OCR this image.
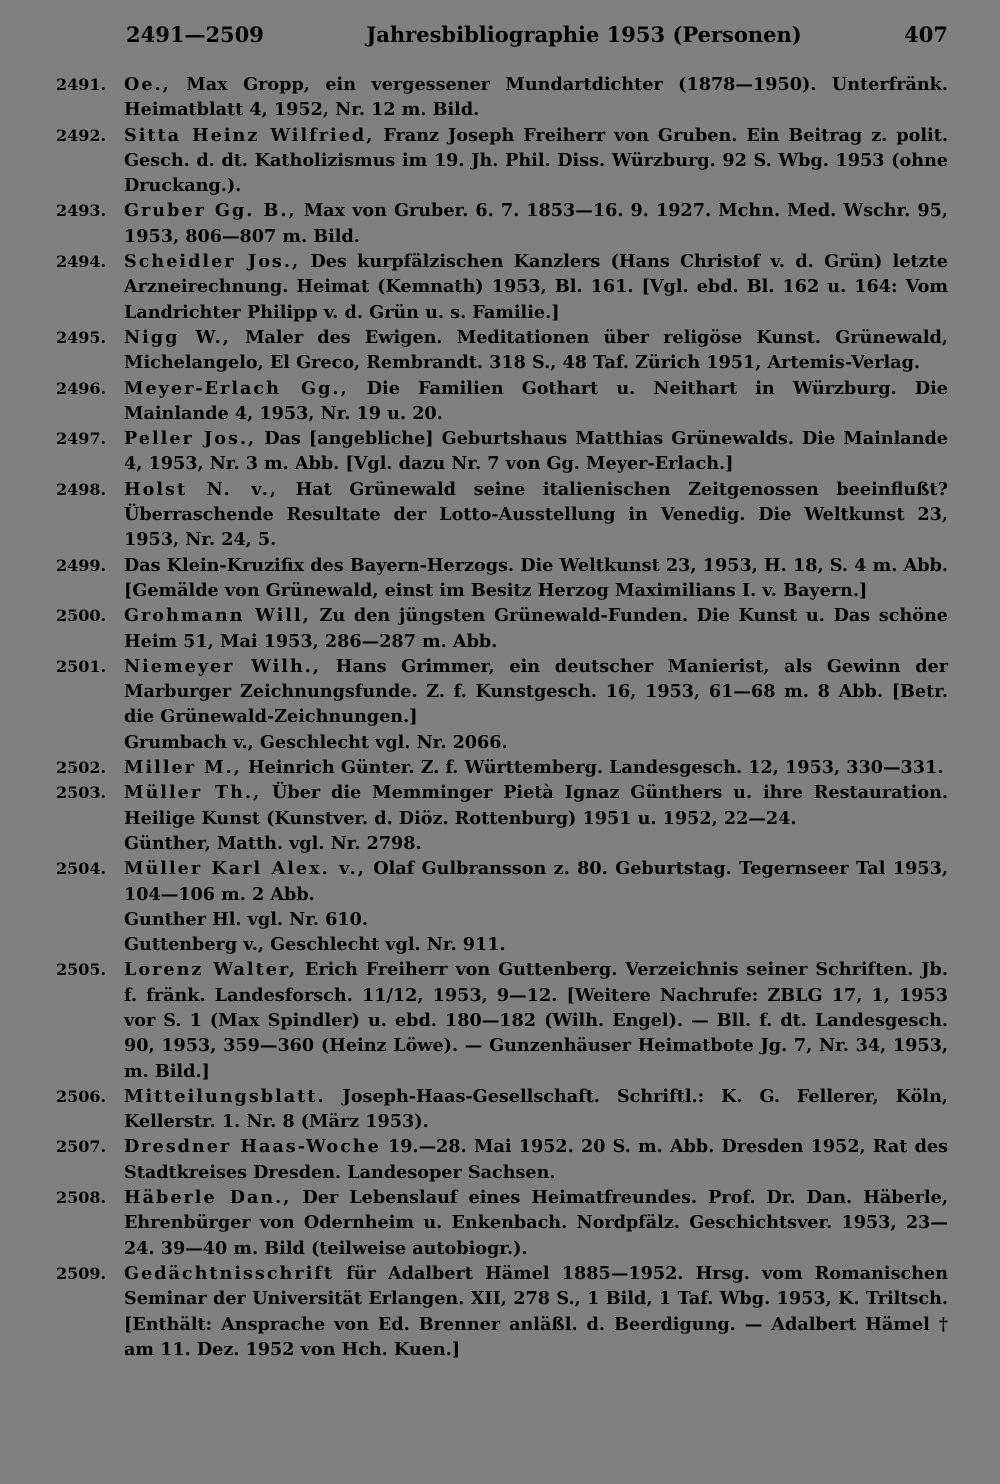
2491—2509	Jahresbibliographie 1953 (Personen)	407
2491.	Oe., Max Gropp, ein vergessener Mundartdichter (1878—1950). Unterfränk. Heimatblatt 4, 1952, Nr. 12 m. Bild.
2492.	Sitta Heinz Wilfried, Franz Joseph Freiherr von Gruben. Ein Beitrag z. polit. Gesch. d. dt. Katholizismus im 19. Jh. Phil. Diss. Würzburg. 92 S. Wbg. 1953 (ohne Druckang.).
2493.	Gruber Gg. B., Max von Gruber. 6. 7. 1853—16. 9. 1927. Mchn. Med. Wschr. 95, 1953, 806—807 m. Bild.
2494.	Scheidler Jos., Des kurpfälzischen Kanzlers (Hans Christof v. d. Grün) letzte Arzneirechnung. Heimat (Kemnath) 1953, Bl. 161. [Vgl. ebd. Bl. 162 u. 164: Vom Landrichter Philipp v. d. Grün u. s. Familie.]
2495.	Nigg W., Maler des Ewigen. Meditationen über religöse Kunst. Grünewald, Michelangelo, El Greco, Rembrandt. 318 S., 48 Taf. Zürich 1951, Artemis-Verlag.
2496.	Meyer-Erlach Gg., Die Familien Gothart u. Neithart in Würzburg. Die Mainlande 4, 1953, Nr. 19 u. 20.
2497.	Peller Jos., Das [angebliche] Geburtshaus Matthias Grünewalds. Die Mainlande 4, 1953, Nr. 3 m. Abb. [Vgl. dazu Nr. 7 von Gg. Meyer-Erlach.]
2498.	Holst N. v., Hat Grünewald seine italienischen Zeitgenossen beeinflußt? Überraschende Resultate der Lotto-Ausstellung in Venedig. Die Weltkunst 23, 1953, Nr. 24, 5.
2499.	Das Klein-Kruzifix des Bayern-Herzogs. Die Weltkunst 23, 1953, H. 18, S. 4 m. Abb. [Gemälde von Grünewald, einst im Besitz Herzog Maximilians I. v. Bayern.]
2500.	Grohmann Will, Zu den jüngsten Grünewald-Funden. Die Kunst u. Das schöne Heim 51, Mai 1953, 286—287 m. Abb.
2501.	Niemeyer Wilh., Hans Grimmer, ein deutscher Manierist, als Gewinn der Marburger Zeichnungsfunde. Z. f. Kunstgesch. 16, 1953, 61—68 m. 8 Abb. [Betr. die Grünewald-Zeichnungen.]
Grumbach v., Geschlecht vgl. Nr. 2066.
2502.	Miller M., Heinrich Günter. Z. f. Württemberg. Landesgesch. 12, 1953, 330—331.
2503.	Müller Th., Über die Memminger Pietà Ignaz Günthers u. ihre Restauration. Heilige Kunst (Kunstver. d. Diöz. Rottenburg) 1951 u. 1952, 22—24.
Günther, Matth. vgl. Nr. 2798.
2504.	Müller Karl Alex. v., Olaf Gulbransson z. 80. Geburtstag. Tegernseer Tal 1953, 104—106 m. 2 Abb.
Gunther Hl. vgl. Nr. 610.
Guttenberg v., Geschlecht vgl. Nr. 911.
2505.	Lorenz Walter, Erich Freiherr von Guttenberg. Verzeichnis seiner Schriften. Jb. f. fränk. Landesforsch. 11/12, 1953, 9—12. [Weitere Nachrufe: ZBLG 17, 1, 1953 vor S. 1 (Max Spindler) u. ebd. 180—182 (Wilh. Engel). — Bll. f. dt. Landesgesch. 90, 1953, 359—360 (Heinz Löwe). — Gunzenhäuser Heimatbote Jg. 7, Nr. 34, 1953, m. Bild.]
2506.	Mitteilungsblatt. Joseph-Haas-Gesellschaft. Schriftl.: K. G. Fellerer, Köln, Kellerstr. 1. Nr. 8 (März 1953).
2507.	Dresdner Haas-Woche 19.—28. Mai 1952. 20 S. m. Abb. Dresden 1952, Rat des Stadtkreises Dresden. Landesoper Sachsen.
2508.	Häberle Dan., Der Lebenslauf eines Heimatfreundes. Prof. Dr. Dan. Häberle, Ehrenbürger von Odernheim u. Enkenbach. Nordpfälz. Geschichtsver. 1953, 23—24. 39—40 m. Bild (teilweise autobiogr.).
2509.	Gedächtnisschrift für Adalbert Hämel 1885—1952. Hrsg. vom Romanischen Seminar der Universität Erlangen. XII, 278 S., 1 Bild, 1 Taf. Wbg. 1953, K. Triltsch. [Enthält: Ansprache von Ed. Brenner anläßl. d. Beerdigung. — Adalbert Hämel † am 11. Dez. 1952 von Hch. Kuen.]
